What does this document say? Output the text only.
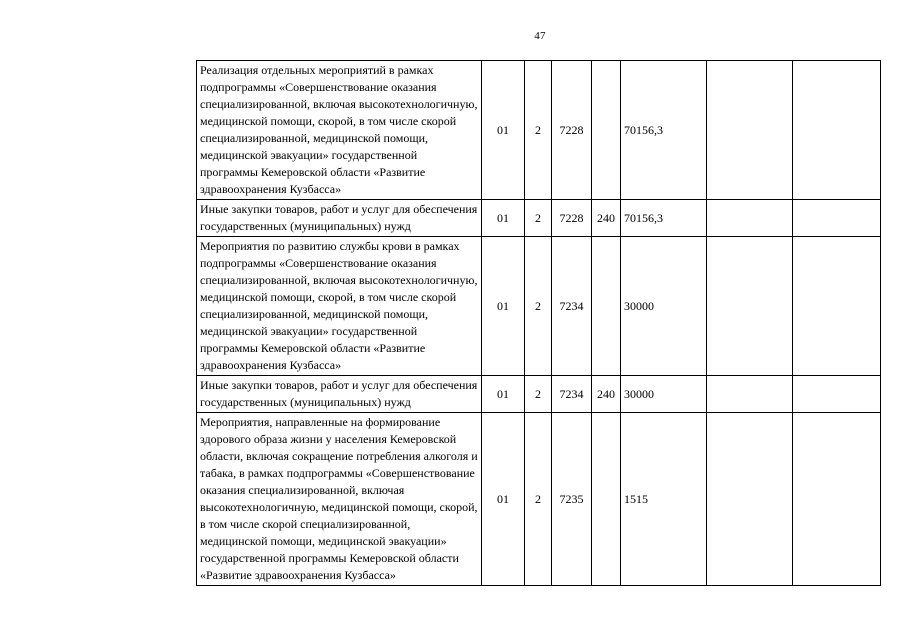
47
Реализация отдельных мероприятий в рамках подпрограммы «Совершенствование оказания специализированной, включая высокотехнологичную, медицинской помощи, скорой, в том числе скорой специализированной, медицинской помощи, медицинской эвакуации» государственной программы Кемеровской области «Развитие здравоохранения Кузбасса»	01	2	7228		70156,3		
Иные закупки товаров, работ и услуг для обеспечения государственных (муниципальных) нужд	01	2	7228	240	70156,3		
Мероприятия по развитию службы крови в рамках подпрограммы «Совершенствование оказания специализированной, включая высокотехнологичную, медицинской помощи, скорой, в том числе скорой специализированной, медицинской помощи, медицинской эвакуации» государственной программы Кемеровской области «Развитие здравоохранения Кузбасса»	01	2	7234		30000		
Иные закупки товаров, работ и услуг для обеспечения государственных (муниципальных) нужд	01	2	7234	240	30000		
Мероприятия, направленные на формирование здорового образа жизни у населения Кемеровской области, включая сокращение потребления алкоголя и табака, в рамках подпрограммы «Совершенствование оказания специализированной, включая высокотехнологичную, медицинской помощи, скорой, в том числе скорой специализированной, медицинской помощи, медицинской эвакуации» государственной программы Кемеровской области «Развитие здравоохранения Кузбасса»	01	2	7235		1515		
